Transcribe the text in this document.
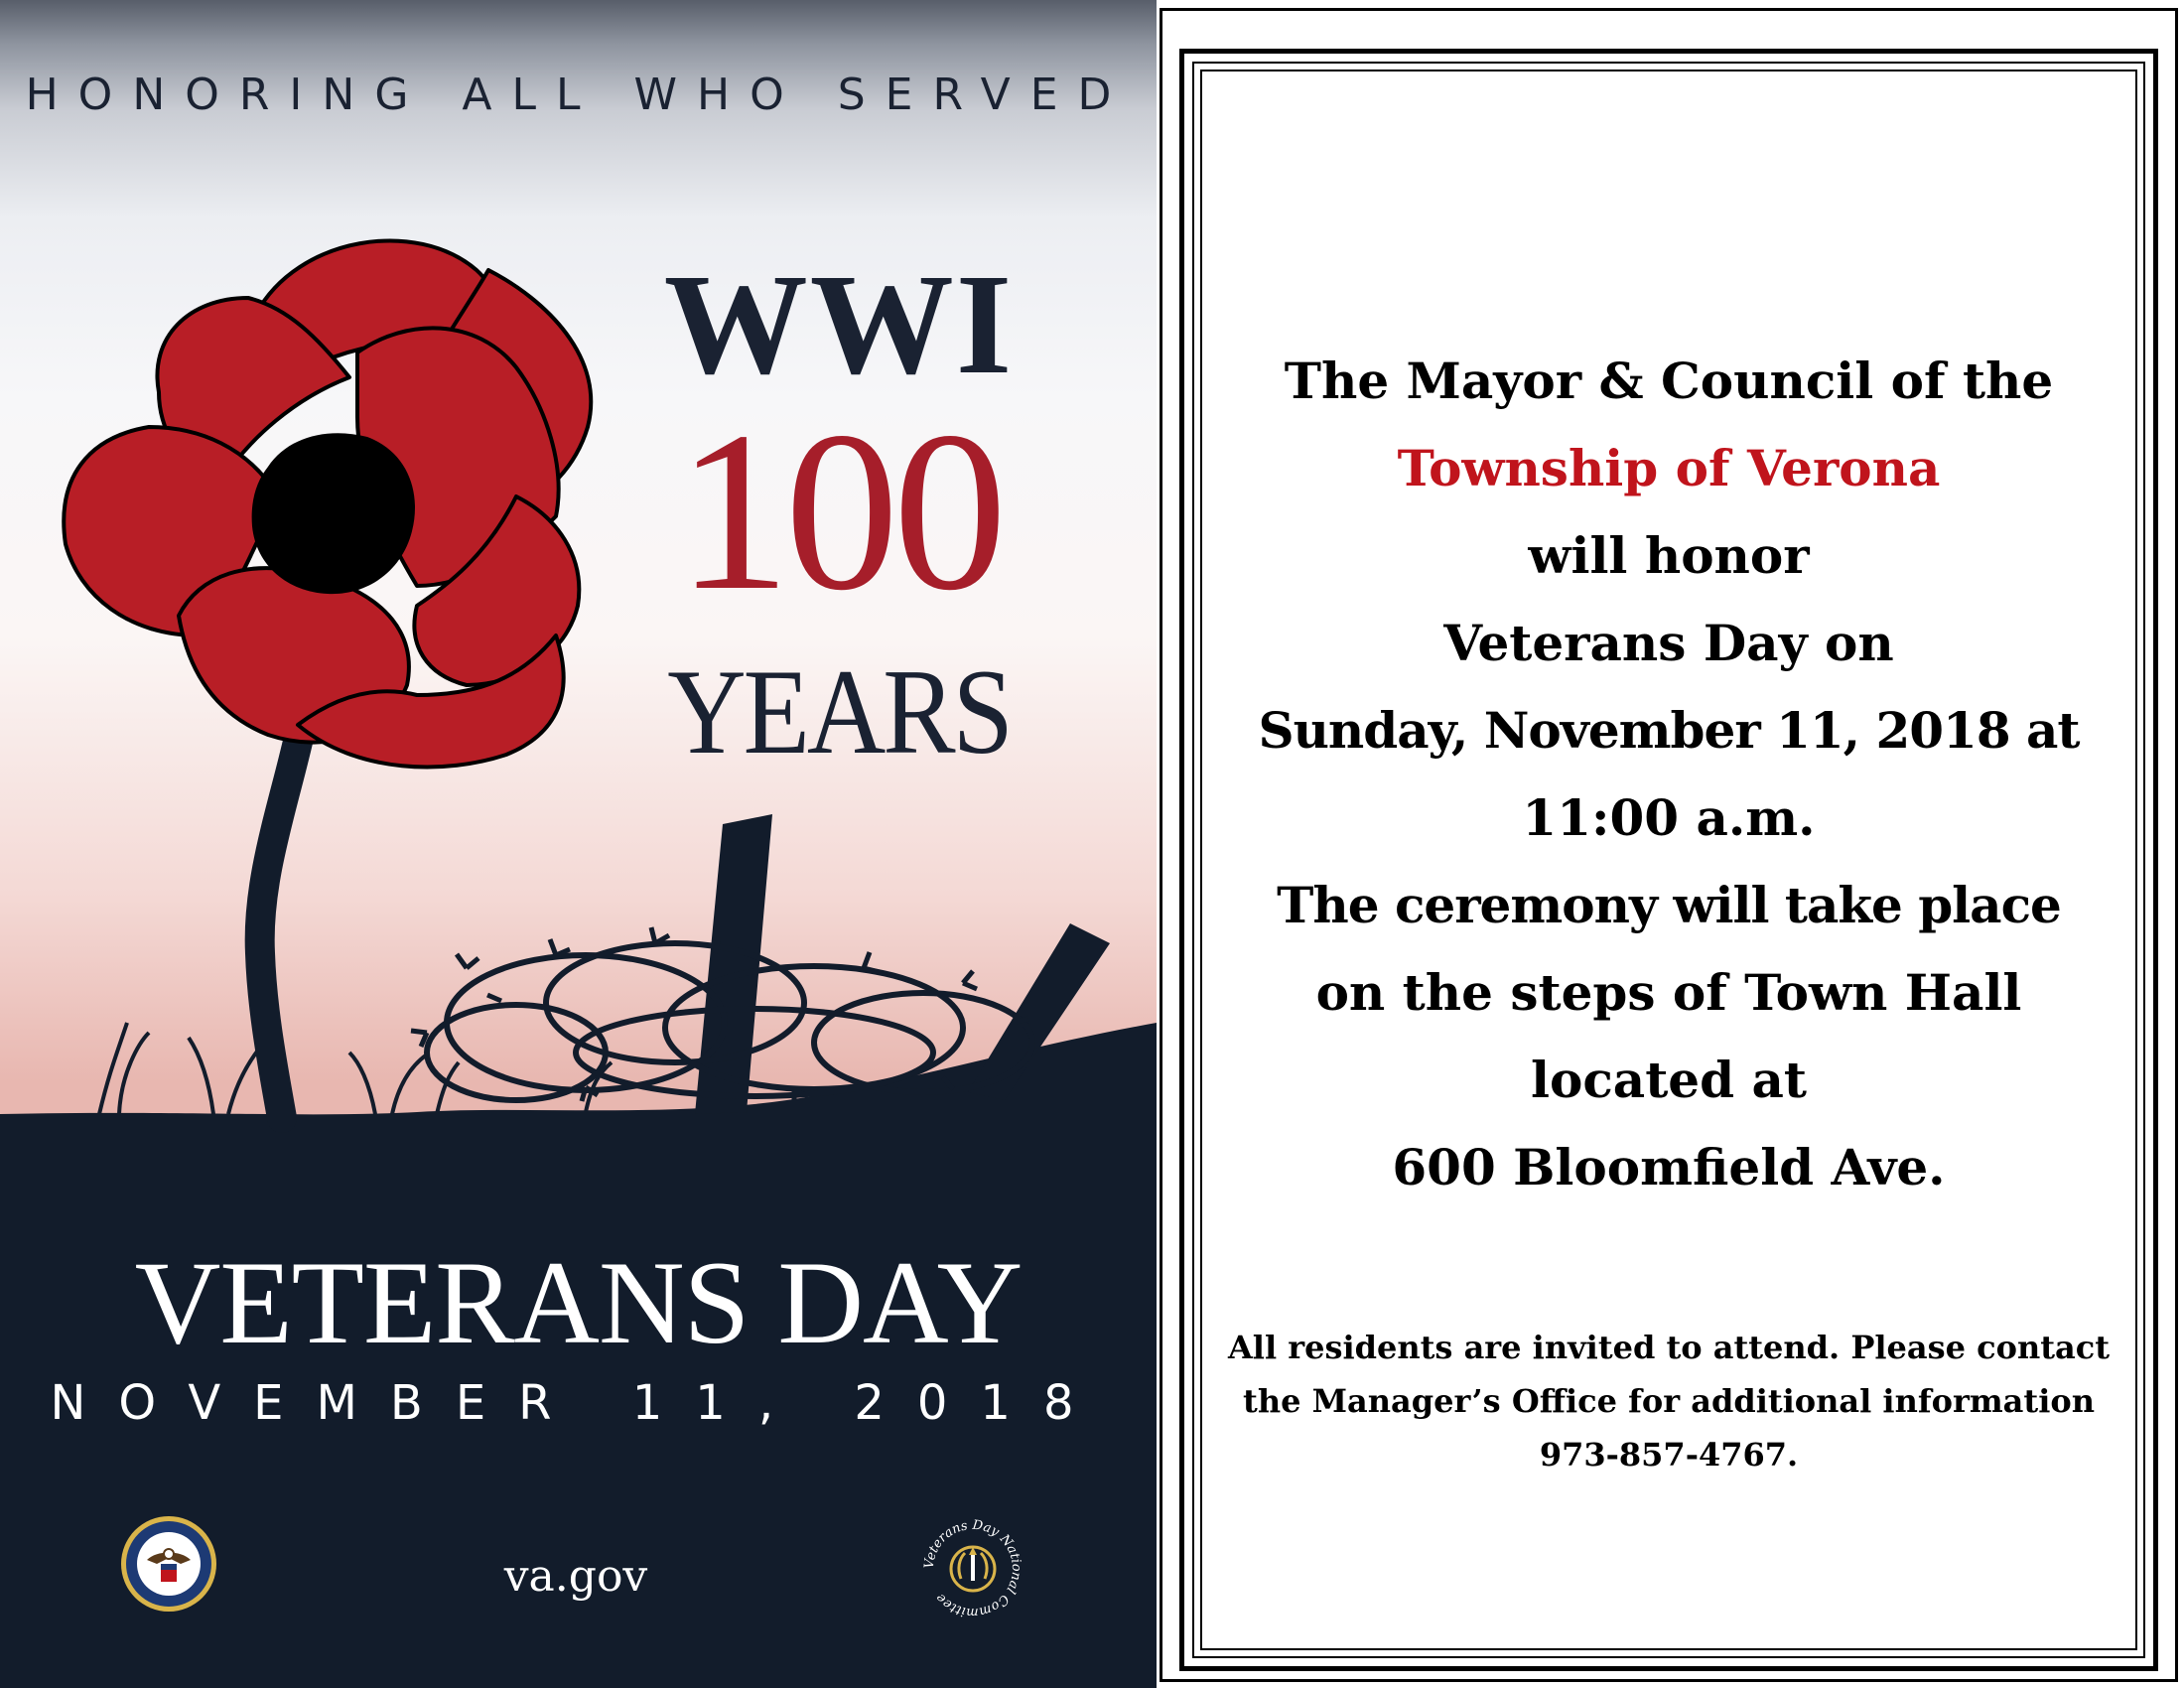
HONORING ALL WHO SERVED
WWI
100
YEARS
VETERANS DAY
NOVEMBER 11, 2018
va.gov	Veterans Day National Committee
The Mayor & Council of the
Township of Verona
will honor
Veterans Day on
Sunday, November 11, 2018 at
11:00 a.m.
The ceremony will take place
on the steps of Town Hall
located at
600 Bloomfield Ave.
All residents are invited to attend. Please contact
the Manager’s Office for additional information
973-857-4767.
